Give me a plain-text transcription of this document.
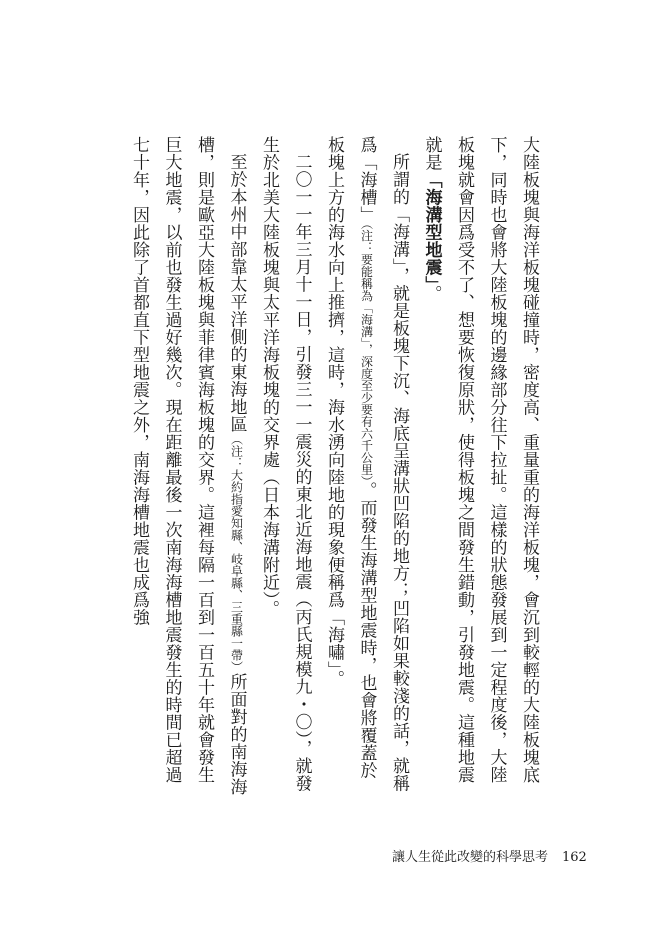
大陸板塊與海洋板塊碰撞時，密度高、重量重的海洋板塊，會沉到較輕的大陸板塊底下，同時也會將大陸板塊的邊緣部分往下拉扯。這樣的狀態發展到一定程度後，大陸板塊就會因爲受不了、想要恢復原狀，使得板塊之間發生錯動，引發地震。這種地震就是「海溝型地震」。

所謂的「海溝」，就是板塊下沉、海底呈溝狀凹陷的地方；凹陷如果較淺的話，就稱爲「海槽」（注：要能稱為「海溝」，深度至少要有六千公里）。而發生海溝型地震時，也會將覆蓋於板塊上方的海水向上推擠，這時，海水湧向陸地的現象便稱爲「海嘯」。

二〇一一年三月十一日，引發三一一震災的東北近海地震（丙氏規模九・〇），就發生於北美大陸板塊與太平洋海板塊的交界處（日本海溝附近）。

至於本州中部靠太平洋側的東海地區（注：大約指愛知縣、岐阜縣、三重縣一帶）所面對的南海海槽，則是歐亞大陸板塊與菲律賓海板塊的交界。這裡每隔一百到一百五十年就會發生巨大地震，以前也發生過好幾次。現在距離最後一次南海海槽地震發生的時間已超過七十年，因此除了首都直下型地震之外，南海海槽地震也成爲強

讓人生從此改變的科學思考 162
